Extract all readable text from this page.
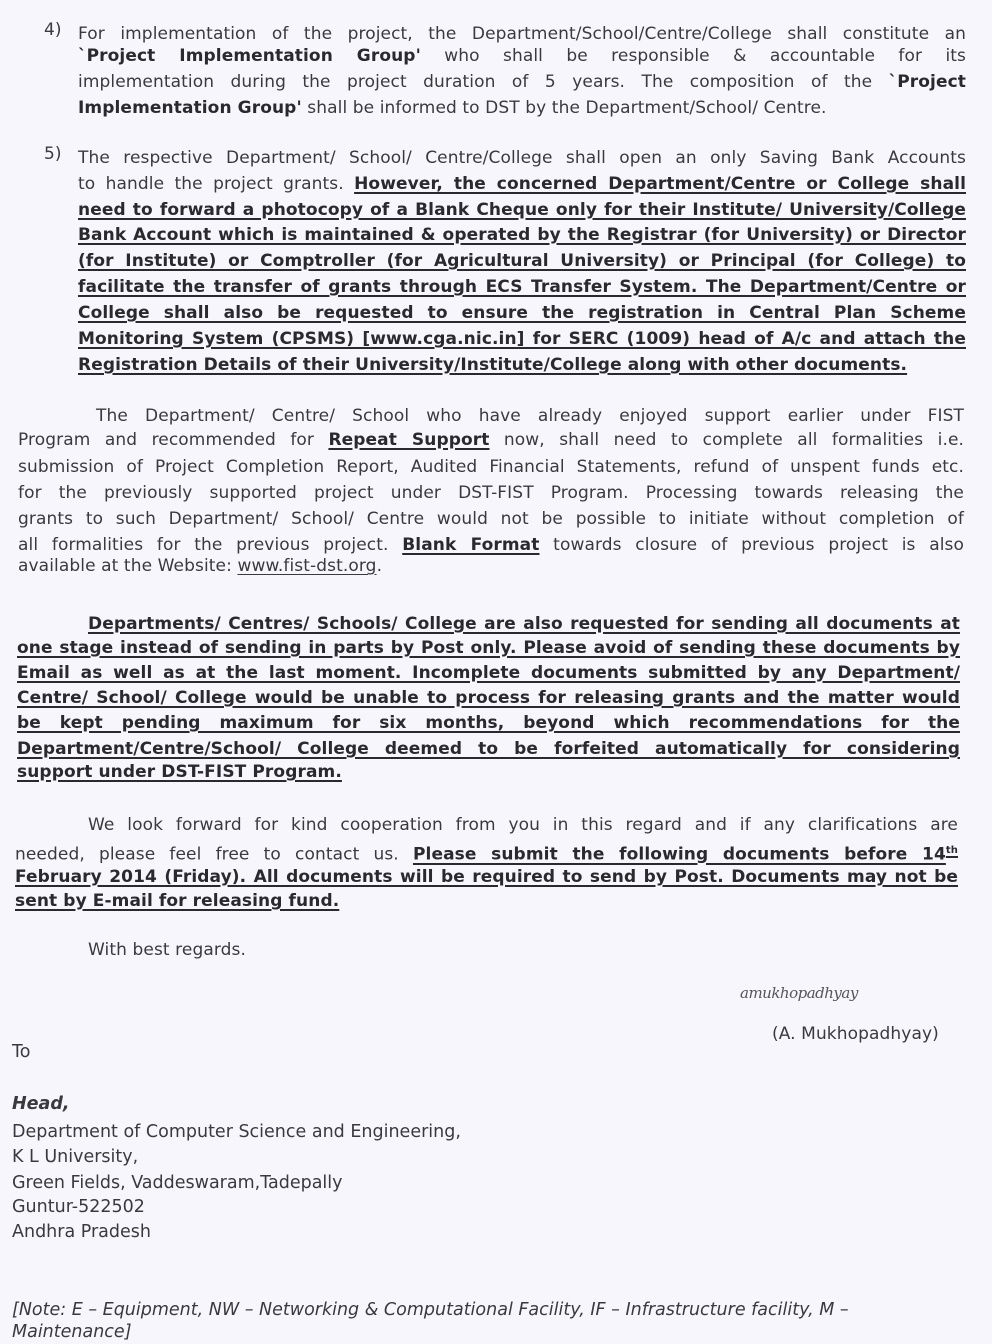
4) For implementation of the project, the Department/School/Centre/College shall constitute an
`Project Implementation Group' who shall be responsible & accountable for its
implementation during the project duration of 5 years. The composition of the `Project
Implementation Group' shall be informed to DST by the Department/School/ Centre.
5) The respective Department/ School/ Centre/College shall open an only Saving Bank Accounts
to handle the project grants. However, the concerned Department/Centre or College shall
need to forward a photocopy of a Blank Cheque only for their Institute/ University/College
Bank Account which is maintained & operated by the Registrar (for University) or Director
(for Institute) or Comptroller (for Agricultural University) or Principal (for College) to
facilitate the transfer of grants through ECS Transfer System. The Department/Centre or
College shall also be requested to ensure the registration in Central Plan Scheme
Monitoring System (CPSMS) [www.cga.nic.in] for SERC (1009) head of A/c and attach the
Registration Details of their University/Institute/College along with other documents.
The Department/ Centre/ School who have already enjoyed support earlier under FIST
Program and recommended for Repeat Support now, shall need to complete all formalities i.e.
submission of Project Completion Report, Audited Financial Statements, refund of unspent funds etc.
for the previously supported project under DST-FIST Program. Processing towards releasing the
grants to such Department/ School/ Centre would not be possible to initiate without completion of
all formalities for the previous project. Blank Format towards closure of previous project is also
available at the Website: www.fist-dst.org.
Departments/ Centres/ Schools/ College are also requested for sending all documents at
one stage instead of sending in parts by Post only. Please avoid of sending these documents by
Email as well as at the last moment. Incomplete documents submitted by any Department/
Centre/ School/ College would be unable to process for releasing grants and the matter would
be kept pending maximum for six months, beyond which recommendations for the
Department/Centre/School/ College deemed to be forfeited automatically for considering
support under DST-FIST Program.
We look forward for kind cooperation from you in this regard and if any clarifications are
needed, please feel free to contact us. Please submit the following documents before 14th
February 2014 (Friday). All documents will be required to send by Post. Documents may not be
sent by E-mail for releasing fund.
With best regards.
amukhopadhyay
(A. Mukhopadhyay)
To
Head,
Department of Computer Science and Engineering,
K L University,
Green Fields, Vaddeswaram,Tadepally
Guntur-522502
Andhra Pradesh
[Note: E – Equipment, NW – Networking & Computational Facility, IF – Infrastructure facility, M –
Maintenance]
